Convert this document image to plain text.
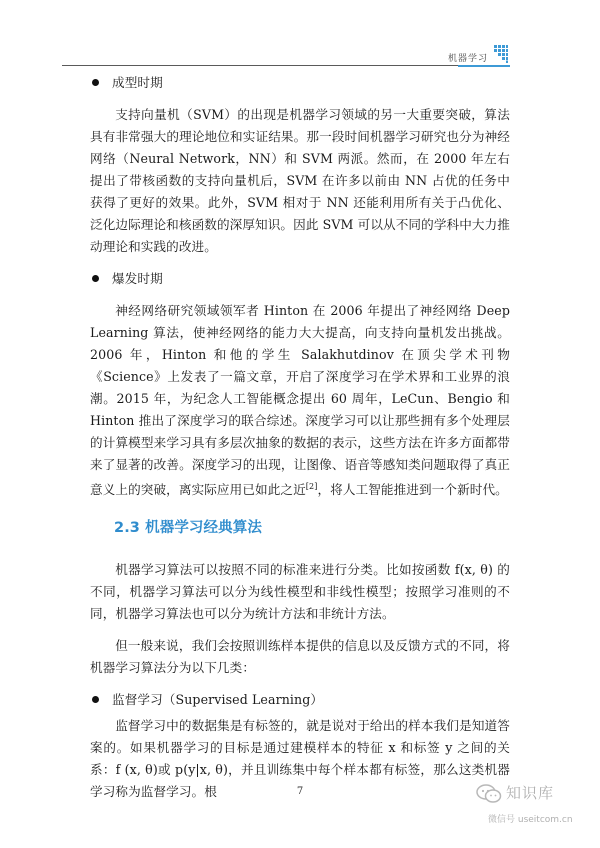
机器学习
成型时期

支持向量机（SVM）的出现是机器学习领域的另一大重要突破，算法具有非常强大的理论地位和实证结果。那一段时间机器学习研究也分为神经网络（Neural Network，NN）和 SVM 两派。然而，在 2000 年左右提出了带核函数的支持向量机后，SVM 在许多以前由 NN 占优的任务中获得了更好的效果。此外，SVM 相对于 NN 还能利用所有关于凸优化、泛化边际理论和核函数的深厚知识。因此 SVM 可以从不同的学科中大力推动理论和实践的改进。

爆发时期

神经网络研究领域领军者 Hinton 在 2006 年提出了神经网络 Deep Learning 算法，使神经网络的能力大大提高，向支持向量机发出挑战。2006 年，Hinton 和他的学生 Salakhutdinov 在顶尖学术刊物《Science》上发表了一篇文章，开启了深度学习在学术界和工业界的浪潮。2015 年，为纪念人工智能概念提出 60 周年，LeCun、Bengio 和 Hinton 推出了深度学习的联合综述。深度学习可以让那些拥有多个处理层的计算模型来学习具有多层次抽象的数据的表示，这些方法在许多方面都带来了显著的改善。深度学习的出现，让图像、语音等感知类问题取得了真正意义上的突破，离实际应用已如此之近[2]，将人工智能推进到一个新时代。

2.3 机器学习经典算法

机器学习算法可以按照不同的标准来进行分类。比如按函数 f(x, θ) 的不同，机器学习算法可以分为线性模型和非线性模型；按照学习准则的不同，机器学习算法也可以分为统计方法和非统计方法。

但一般来说，我们会按照训练样本提供的信息以及反馈方式的不同，将机器学习算法分为以下几类：

监督学习（Supervised Learning）

监督学习中的数据集是有标签的，就是说对于给出的样本我们是知道答案的。如果机器学习的目标是通过建模样本的特征 x 和标签 y 之间的关系：f (x, θ)或 p(y|x, θ)，并且训练集中每个样本都有标签，那么这类机器学习称为监督学习。根	7	知识库
微信号 useitcom.cn
